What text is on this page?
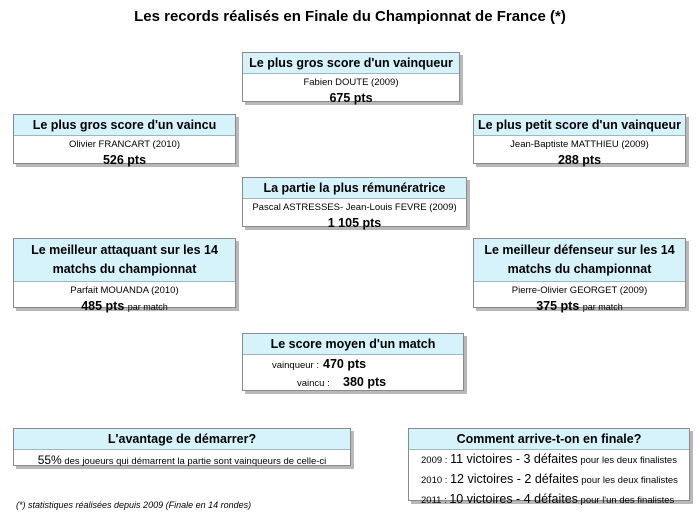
Les records réalisés en Finale du Championnat de France (*)
Le plus gros score d'un vainqueur
Fabien DOUTE (2009)
675 pts
Le plus gros score d'un vaincu
Olivier FRANCART (2010)
526 pts
Le plus petit score d'un vainqueur
Jean-Baptiste MATTHIEU (2009)
288 pts
La partie la plus rémunératrice
Pascal ASTRESSES- Jean-Louis FEVRE (2009)
1 105 pts
Le meilleur attaquant sur les 14
matchs du championnat
Parfait MOUANDA (2010)
485 pts par match
Le meilleur défenseur sur les 14
matchs du championnat
Pierre-Olivier GEORGET (2009)
375 pts par match
Le score moyen d'un match
vainqueur : 470 pts
vaincu : 380 pts
L'avantage de démarrer?
55% des joueurs qui démarrent la partie sont vainqueurs de celle-ci
Comment arrive-t-on en finale?
2009 : 11 victoires - 3 défaites pour les deux finalistes
2010 : 12 victoires - 2 défaites pour les deux finalistes
2011 : 10 victoires - 4 défaites pour l'un des finalistes
(*) statistiques réalisées depuis 2009 (Finale en 14 rondes)
